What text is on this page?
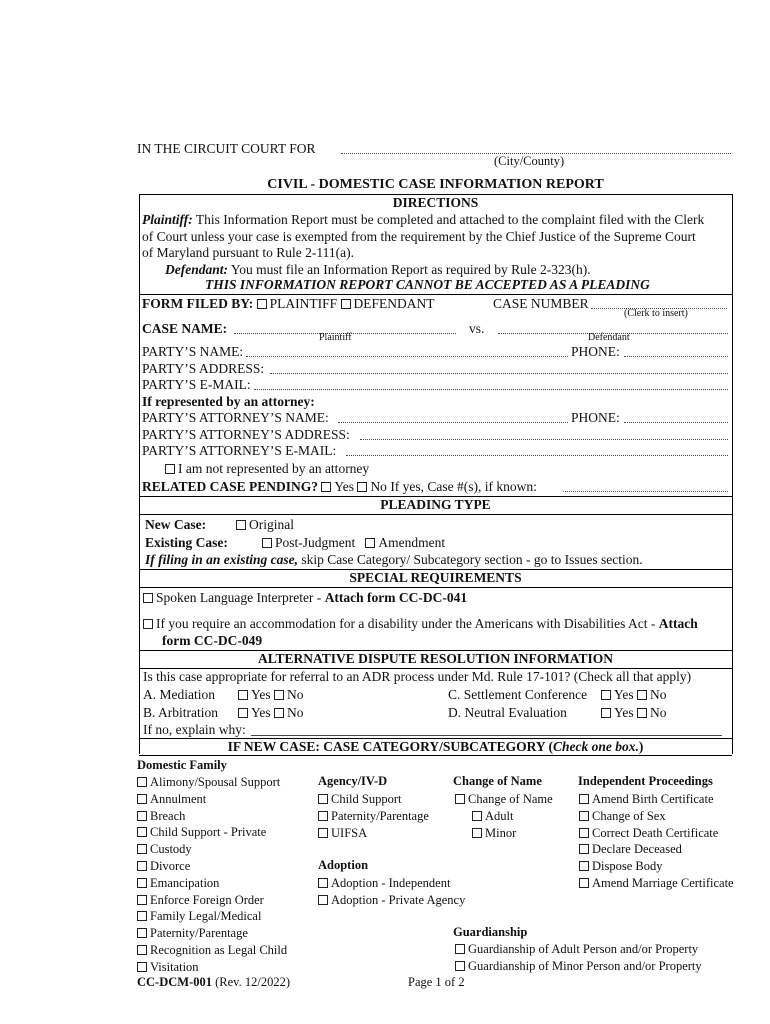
IN THE CIRCUIT COURT FOR
(City/County)
CIVIL - DOMESTIC CASE INFORMATION REPORT
DIRECTIONS
Plaintiff: This Information Report must be completed and attached to the complaint filed with the Clerk
of Court unless your case is exempted from the requirement by the Chief Justice of the Supreme Court
of Maryland pursuant to Rule 2-111(a).
Defendant: You must file an Information Report as required by Rule 2-323(h).
THIS INFORMATION REPORT CANNOT BE ACCEPTED AS A PLEADING
FORM FILED BY: PLAINTIFF DEFENDANT	CASE NUMBER
(Clerk to insert)
CASE NAME:	vs.
Plaintiff	Defendant
PARTY’S NAME:	PHONE:
PARTY’S ADDRESS:
PARTY’S E-MAIL:
If represented by an attorney:
PARTY’S ATTORNEY’S NAME:	PHONE:
PARTY’S ATTORNEY’S ADDRESS:
PARTY’S ATTORNEY’S E-MAIL:
I am not represented by an attorney
RELATED CASE PENDING? Yes No If yes, Case #(s), if known:
PLEADING TYPE
New Case:	Original
Existing Case:	Post-Judgment Amendment
If filing in an existing case, skip Case Category/ Subcategory section - go to Issues section.
SPECIAL REQUIREMENTS
Spoken Language Interpreter - Attach form CC-DC-041
If you require an accommodation for a disability under the Americans with Disabilities Act - Attach
form CC-DC-049
ALTERNATIVE DISPUTE RESOLUTION INFORMATION
Is this case appropriate for referral to an ADR process under Md. Rule 17-101? (Check all that apply)
A. Mediation	Yes No	C. Settlement Conference	Yes No
B. Arbitration	Yes No	D. Neutral Evaluation	Yes No
If no, explain why:
IF NEW CASE: CASE CATEGORY/SUBCATEGORY (Check one box.)
Domestic Family
Alimony/Spousal Support
Annulment
Breach
Child Support - Private
Custody
Divorce
Emancipation
Enforce Foreign Order
Family Legal/Medical
Paternity/Parentage
Recognition as Legal Child
Visitation
Agency/IV-D
Child Support
Paternity/Parentage
UIFSA
Adoption
Adoption - Independent
Adoption - Private Agency
Change of Name
Change of Name
Adult
Minor
Guardianship
Guardianship of Adult Person and/or Property
Guardianship of Minor Person and/or Property
Independent Proceedings
Amend Birth Certificate
Change of Sex
Correct Death Certificate
Declare Deceased
Dispose Body
Amend Marriage Certificate
CC-DCM-001 (Rev. 12/2022)	Page 1 of 2
